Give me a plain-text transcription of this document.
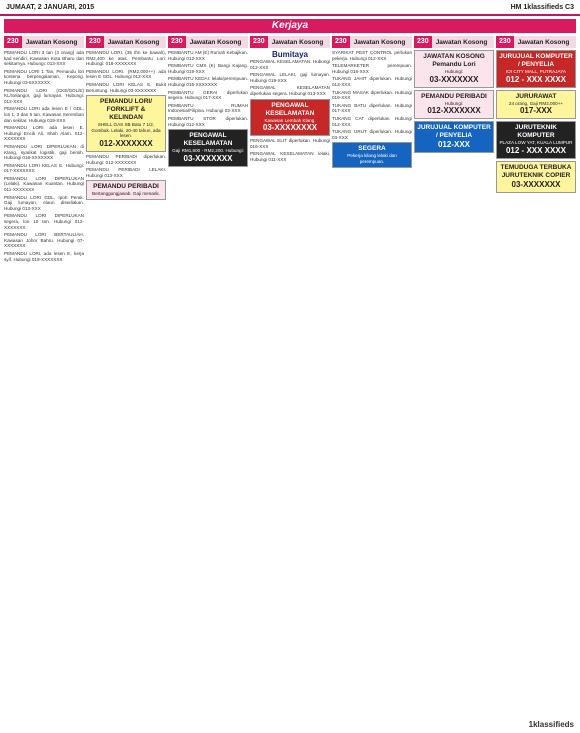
JUMAAT, 2 JANUARI, 2015	HM 1klassifieds C3
Kerjaya
230	Jawatan Kosong
PEMANDU LORI 3 tan (3 orang) ada kad sendiri, Kawasan Kota Bharu dan sekitarnya. Hubungi: 013-XXX
PEMANDU LORI 1 Tan, Pemandu lori kontena berpengalaman, Kepong. Hubungi 03-6XXXXXX
PEMANDU LORI (CKE/GDL/E) KL/Selangor, gaji lumayan. Hubungi: 012-XXX
PEMANDU LORI ada lesen E / GDL, lori 1, 3 dan 5 tan. Kawasan Seremban dan sekitar. Hubungi 019-XXX
PEMANDU LORI ada lesen E. Hubungi Encik Ali, Shah Alam. 012-XXXXXXX
PEMANDU LORI DIPERLUKAN di Klang, syarikat logistik, gaji bersih. Hubungi 016-XXXXXXX
PEMANDU LORI KELAS E. Hubungi: 017-XXXXXXX
PEMANDU LORI DIPERLUKAN (Lelaki). Kawasan Kuantan. Hubungi 011-XXXXXXX
PEMANDU LORI GDL, Ipoh Perak. Gaji lumayan, elaun disediakan. Hubungi 013-XXX
PEMANDU LORI DIPERLUKAN segera, lori 10 tan. Hubungi 012-XXXXXXX
PEMANDU LORI BERTAULIAH. Kawasan Johor Bahru. Hubungi 07-XXXXXXX
PEMANDU LORI, ada lesen E, kerja syif. Hubungi 019-XXXXXXX
230	Jawatan Kosong
PEMANDU LORI. (35 thn ke bawah), RM2,400 ke atas. Pembantu Lori: Hubungi: 016-XXXXXXX
PEMANDU LORI. (RM2,000++) ada lesen E GDL. Hubungi 012-XXX
PEMANDU LORI KELAS E, Bukit Beruntung. Hubungi 03-XXXXXXX
PEMANDU LORI/ FORKLIFT & KELINDAN
SHELL GAS SB Batu 7 1/2, Gombak. Lelaki, 20-40 tahun, ada lesen.
012-XXXXXXX
PEMANDU PERIBADI diperlukan. Hubungi: 012-XXXXXXX
PEMANDU PERIBADI LELAKI. Hubungi 013-XXX
PEMANDU PERIBADI
Bertanggungjawab. Gaji menarik.
230	Jawatan Kosong
PEMBANTU AM (E) Rumah Kebajikan. Hubungi 012-XXX
PEMBANTU CMS (K) Bangi Kajang. Hubungi 019-XXX
PEMBANTU KEDAI: lelaki/perempuan. Hubungi 016-XXXXXXX
PEMBANTU GERAI diperlukan segera. Hubungi 017-XXX
PEMBANTU RUMAH Indonesia/Filipina. Hubungi 03-XXX
PEMBANTU STOR diperlukan. Hubungi 012-XXX
PENGAWAL KESELAMATAN
Gaji RM1,600 - RM2,200. Hubungi:
03-XXXXXXX
230	Jawatan Kosong
Bumitaya
PENGAWAL KESELAMATAN. Hubungi 012-XXX
PENGAWAL LELAKI, gaji lumayan. Hubungi 019-XXX
PENGAWAL KESELAMATAN diperlukan segera. Hubungi 013-XXX
PENGAWAL KESELAMATAN
Kawasan Lembah Klang.
03-XXXXXXXX
PENGAWAL ELIT diperlukan. Hubungi 016-XXX
PENGAWAL KESELAMATAN lelaki. Hubungi 011-XXX
230	Jawatan Kosong
SYARIKAT PEST CONTROL perlukan pekerja. Hubungi 012-XXX
TELEMARKETER perempuan. Hubungi 016-XXX
TUKANG JAHIT diperlukan. Hubungi 013-XXX
TUKANG MASAK diperlukan. Hubungi 019-XXX
TUKANG BATU diperlukan. Hubungi 017-XXX
TUKANG CAT diperlukan. Hubungi 012-XXX
TUKANG URUT diperlukan. Hubungi 03-XXX
SEGERA
Pekerja kilang lelaki dan perempuan.
230	Jawatan Kosong
JAWATAN KOSONG
Pemandu Lori
Hubungi:
03-XXXXXXX
PEMANDU PERIBADI
Hubungi:
012-XXXXXXX
JURUJUAL KOMPUTER / PENYELIA
012-XXX
230	Jawatan Kosong
JURUJUAL KOMPUTER / PENYELIA
IOI CITY MALL, PUTRAJAYA
012 - XXX XXXX
JURURAWAT
24 orang, Gaji RM2,000++
017-XXX
JURUTEKNIK KOMPUTER
PLAZA LOW YAT, KUALA LUMPUR
012 - XXX XXXX
TEMUDUGA TERBUKA JURUTEKNIK COPIER
03-XXXXXXX
1klassifieds
